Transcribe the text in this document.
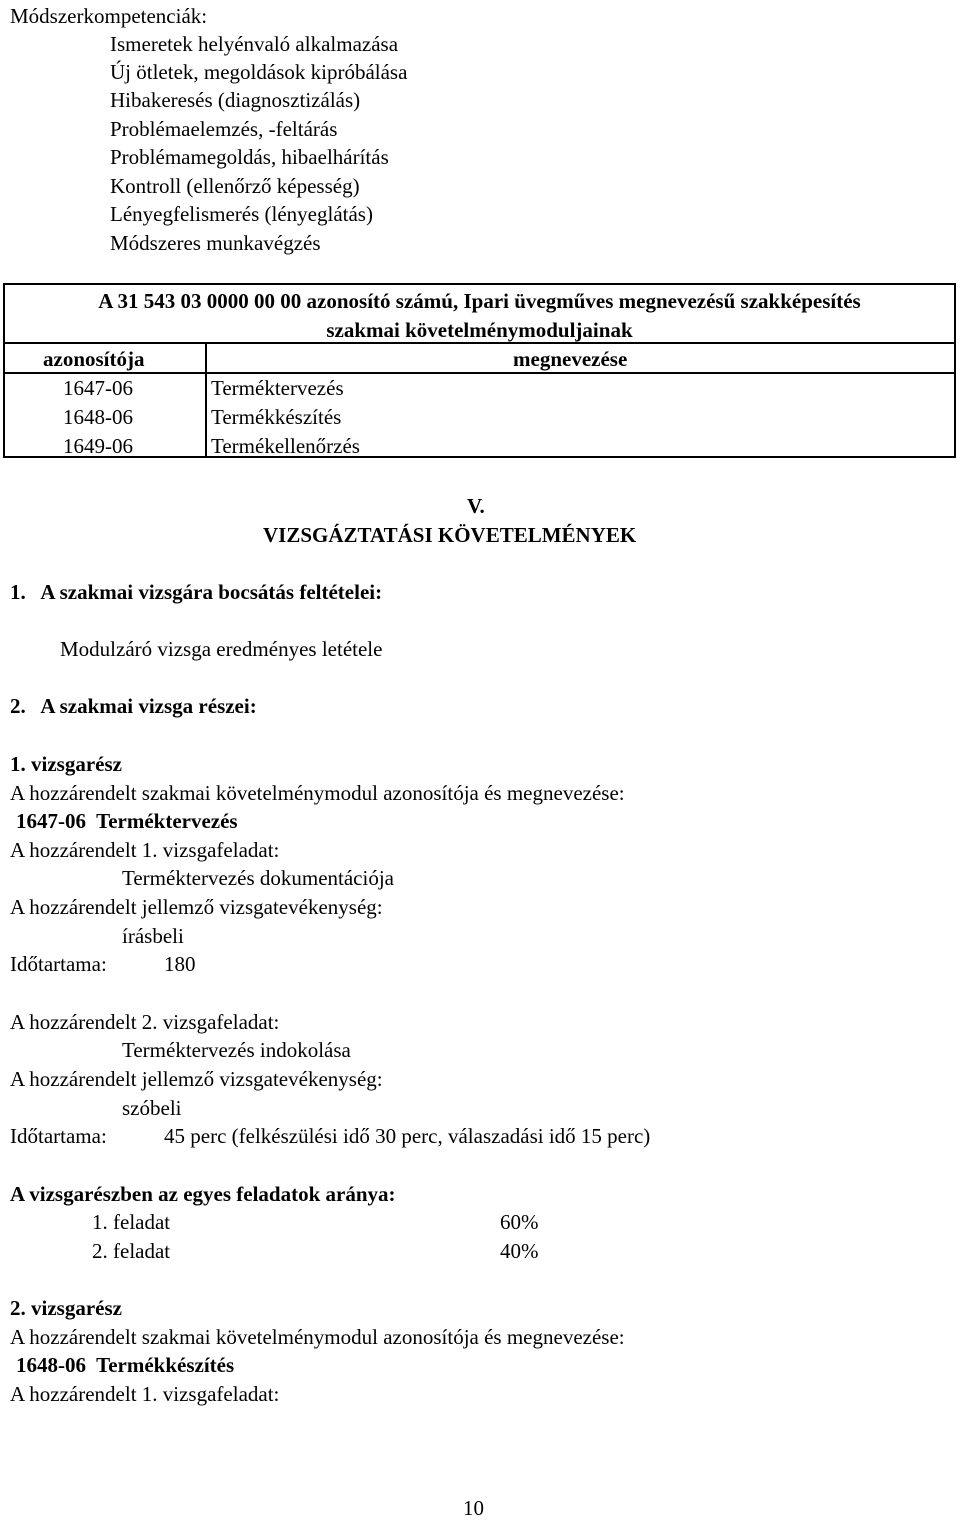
Módszerkompetenciák:
Ismeretek helyénvaló alkalmazása
Új ötletek, megoldások kipróbálása
Hibakeresés (diagnosztizálás)
Problémaelemzés, -feltárás
Problémamegoldás, hibaelhárítás
Kontroll (ellenőrző képesség)
Lényegfelismerés (lényeglátás)
Módszeres munkavégzés
A 31 543 03 0000 00 00 azonosító számú, Ipari üvegműves megnevezésű szakképesítés
szakmai követelménymoduljainak
azonosítója	megnevezése
1647-06	Terméktervezés
1648-06	Termékkészítés
1649-06	Termékellenőrzés
V.
VIZSGÁZTATÁSI KÖVETELMÉNYEK
1.   A szakmai vizsgára bocsátás feltételei:
Modulzáró vizsga eredményes letétele
2.   A szakmai vizsga részei:
1. vizsgarész
A hozzárendelt szakmai követelménymodul azonosítója és megnevezése:
1647-06  Terméktervezés
A hozzárendelt 1. vizsgafeladat:
Terméktervezés dokumentációja
A hozzárendelt jellemző vizsgatevékenység:
írásbeli
Időtartama:	180
A hozzárendelt 2. vizsgafeladat:
Terméktervezés indokolása
A hozzárendelt jellemző vizsgatevékenység:
szóbeli
Időtartama:	45 perc (felkészülési idő 30 perc, válaszadási idő 15 perc)
A vizsgarészben az egyes feladatok aránya:
1. feladat	60%
2. feladat	40%
2. vizsgarész
A hozzárendelt szakmai követelménymodul azonosítója és megnevezése:
1648-06  Termékkészítés
A hozzárendelt 1. vizsgafeladat:
10
